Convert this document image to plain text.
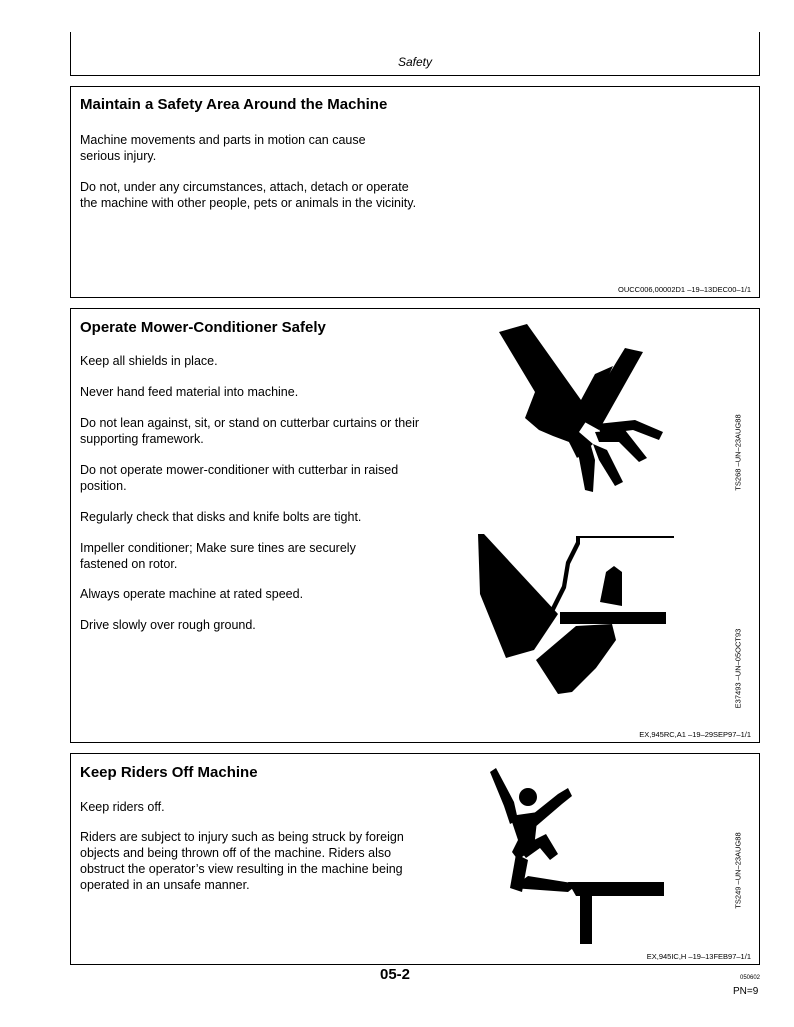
Safety
Maintain a Safety Area Around the Machine

Machine movements and parts in motion can cause serious injury.

Do not, under any circumstances, attach, detach or operate the machine with other people, pets or animals in the vicinity.

OUCC006,00002D1 –19–13DEC00–1/1
Operate Mower-Conditioner Safely

Keep all shields in place.

Never hand feed material into machine.

Do not lean against, sit, or stand on cutterbar curtains or their supporting framework.

Do not operate mower-conditioner with cutterbar in raised position.

Regularly check that disks and knife bolts are tight.

Impeller conditioner; Make sure tines are securely fastened on rotor.

Always operate machine at rated speed.

Drive slowly over rough ground.

TS268 –UN–23AUG88
E37493 –UN–05OCT93
EX,945RC,A1 –19–29SEP97–1/1
Keep Riders Off Machine

Keep riders off.

Riders are subject to injury such as being struck by foreign objects and being thrown off of the machine. Riders also obstruct the operator’s view resulting in the machine being operated in an unsafe manner.	TS249 –UN–23AUG88
EX,945IC,H –19–13FEB97–1/1
05-2	050602
PN=9
